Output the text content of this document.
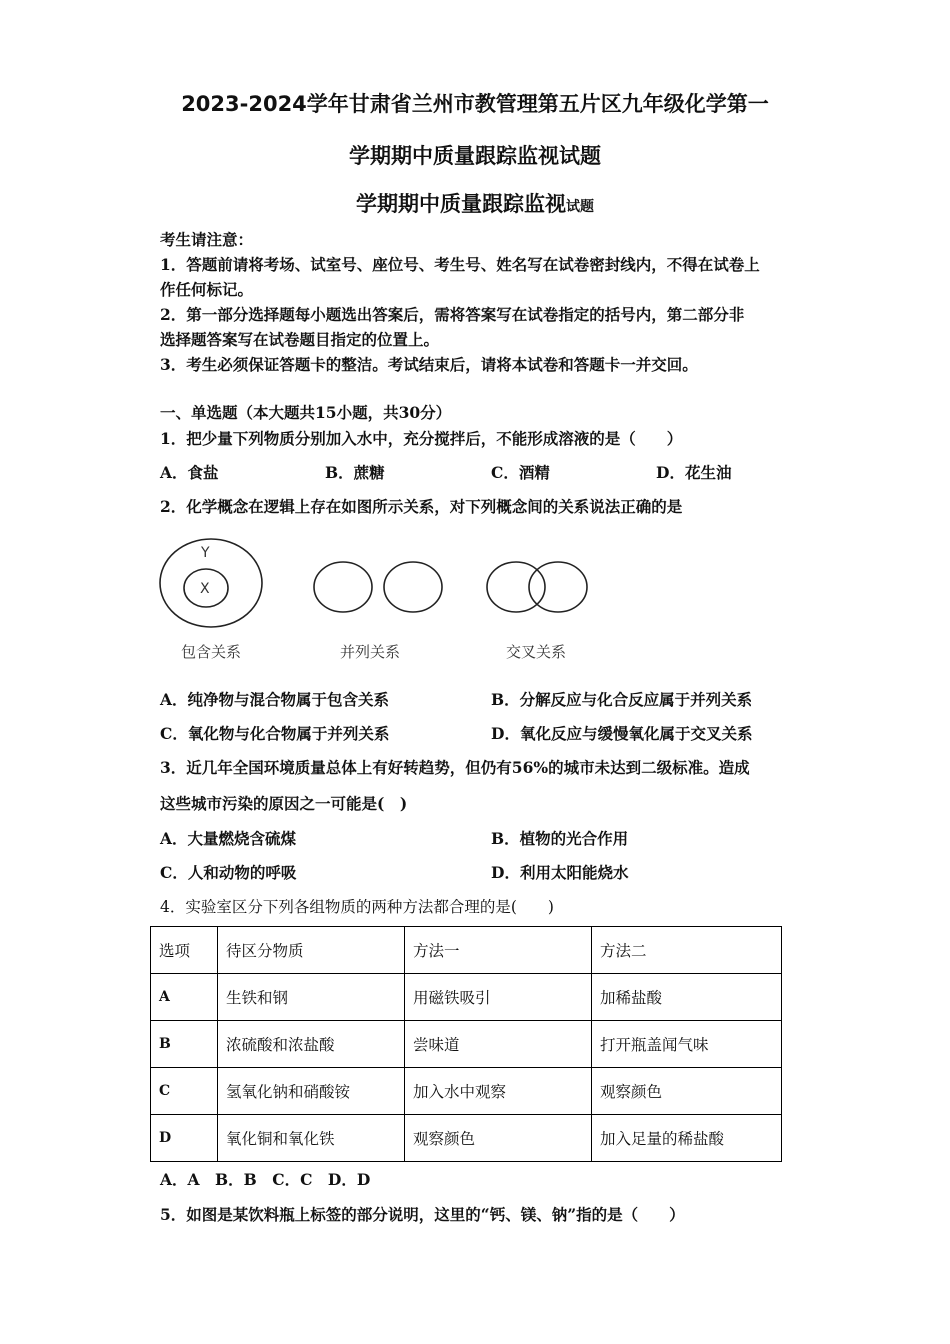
2023-2024学年甘肃省兰州市教管理第五片区九年级化学第一
学期期中质量跟踪监视试题
学期期中质量跟踪监视试题
考生请注意：
1．答题前请将考场、试室号、座位号、考生号、姓名写在试卷密封线内，不得在试卷上
作任何标记。
2．第一部分选择题每小题选出答案后，需将答案写在试卷指定的括号内，第二部分非
选择题答案写在试卷题目指定的位置上。
3．考生必须保证答题卡的整洁。考试结束后，请将本试卷和答题卡一并交回。
一、单选题（本大题共15小题，共30分）
1．把少量下列物质分别加入水中，充分搅拌后，不能形成溶液的是（　　）
A．食盐	B．蔗糖	C．酒精	D．花生油
2．化学概念在逻辑上存在如图所示关系，对下列概念间的关系说法正确的是
Y
X
包含关系	并列关系	交叉关系
A．纯净物与混合物属于包含关系	B．分解反应与化合反应属于并列关系
C．氧化物与化合物属于并列关系	D．氧化反应与缓慢氧化属于交叉关系
3．近几年全国环境质量总体上有好转趋势，但仍有56%的城市未达到二级标准。造成
这些城市污染的原因之一可能是(　)
A．大量燃烧含硫煤	B．植物的光合作用
C．人和动物的呼吸	D．利用太阳能烧水
4．实验室区分下列各组物质的两种方法都合理的是(　　)
选项	待区分物质	方法一	方法二
A	生铁和钢	用磁铁吸引	加稀盐酸
B	浓硫酸和浓盐酸	尝味道	打开瓶盖闻气味
C	氢氧化钠和硝酸铵	加入水中观察	观察颜色
D	氧化铜和氧化铁	观察颜色	加入足量的稀盐酸
A．A　B．B　C．C　D．D
5．如图是某饮料瓶上标签的部分说明，这里的“钙、镁、钠”指的是（　　）
